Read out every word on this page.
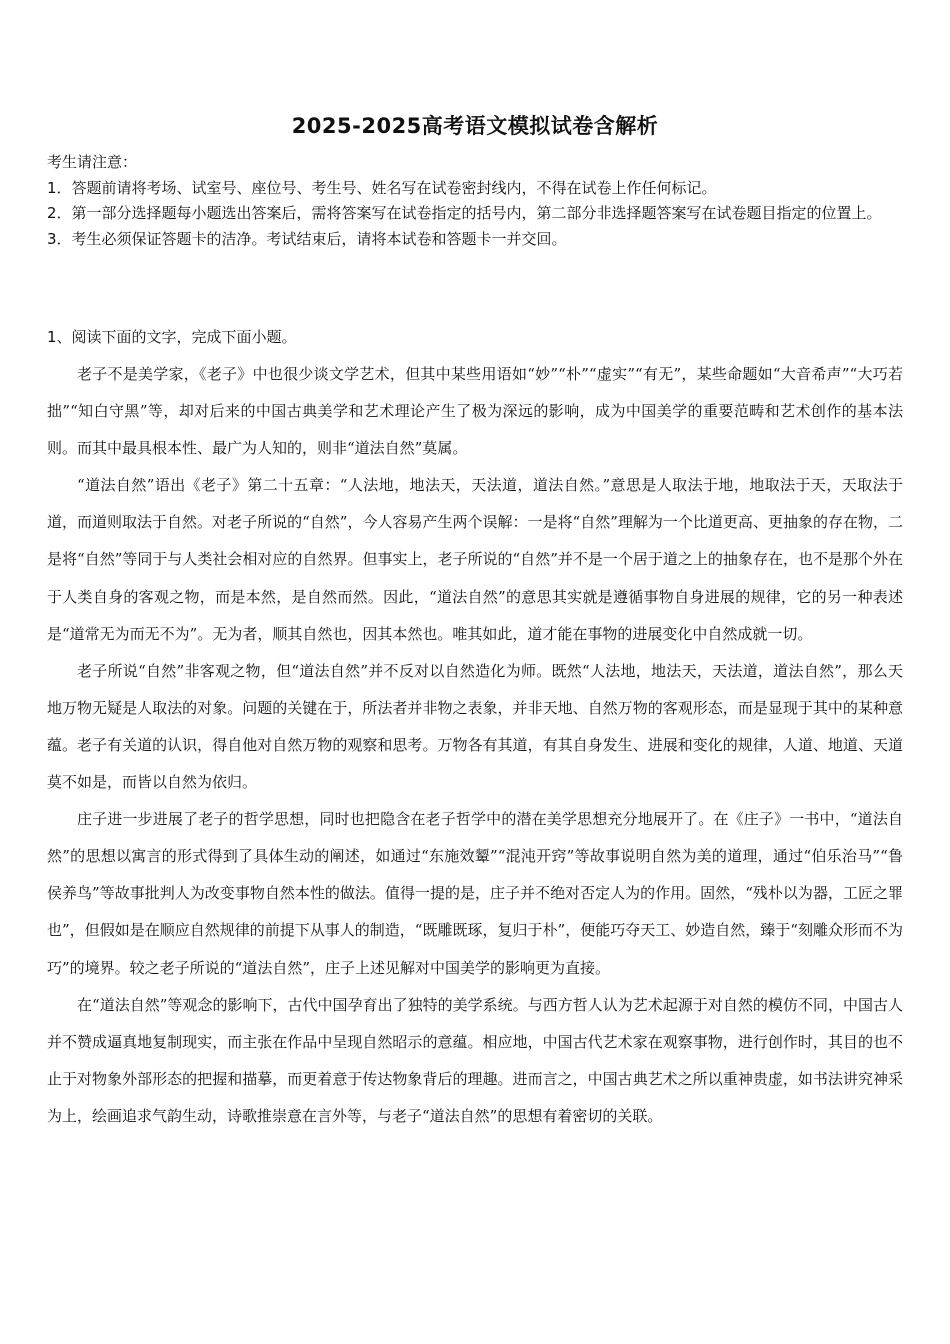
2025-2025高考语文模拟试卷含解析

考生请注意：

1．答题前请将考场、试室号、座位号、考生号、姓名写在试卷密封线内，不得在试卷上作任何标记。

2．第一部分选择题每小题选出答案后，需将答案写在试卷指定的括号内，第二部分非选择题答案写在试卷题目指定的位置上。

3．考生必须保证答题卡的洁净。考试结束后，请将本试卷和答题卡一并交回。

1、阅读下面的文字，完成下面小题。

老子不是美学家，《老子》中也很少谈文学艺术，但其中某些用语如“妙”“朴”“虚实”“有无”，某些命题如“大音希声”“大巧若拙”“知白守黑”等，却对后来的中国古典美学和艺术理论产生了极为深远的影响，成为中国美学的重要范畴和艺术创作的基本法则。而其中最具根本性、最广为人知的，则非“道法自然”莫属。

“道法自然”语出《老子》第二十五章：“人法地，地法天，天法道，道法自然。”意思是人取法于地，地取法于天，天取法于道，而道则取法于自然。对老子所说的“自然”，今人容易产生两个误解：一是将“自然”理解为一个比道更高、更抽象的存在物，二是将“自然”等同于与人类社会相对应的自然界。但事实上，老子所说的“自然”并不是一个居于道之上的抽象存在，也不是那个外在于人类自身的客观之物，而是本然，是自然而然。因此，“道法自然”的意思其实就是遵循事物自身进展的规律，它的另一种表述是“道常无为而无不为”。无为者，顺其自然也，因其本然也。唯其如此，道才能在事物的进展变化中自然成就一切。

老子所说“自然”非客观之物，但“道法自然”并不反对以自然造化为师。既然“人法地，地法天，天法道，道法自然”，那么天地万物无疑是人取法的对象。问题的关键在于，所法者并非物之表象，并非天地、自然万物的客观形态，而是显现于其中的某种意蕴。老子有关道的认识，得自他对自然万物的观察和思考。万物各有其道，有其自身发生、进展和变化的规律，人道、地道、天道莫不如是，而皆以自然为依归。

庄子进一步进展了老子的哲学思想，同时也把隐含在老子哲学中的潜在美学思想充分地展开了。在《庄子》一书中，“道法自然”的思想以寓言的形式得到了具体生动的阐述，如通过“东施效颦”“混沌开窍”等故事说明自然为美的道理，通过“伯乐治马”“鲁侯养鸟”等故事批判人为改变事物自然本性的做法。值得一提的是，庄子并不绝对否定人为的作用。固然，“残朴以为器，工匠之罪也”，但假如是在顺应自然规律的前提下从事人的制造，“既雕既琢，复归于朴”，便能巧夺天工、妙造自然，臻于“刻雕众形而不为巧”的境界。较之老子所说的“道法自然”，庄子上述见解对中国美学的影响更为直接。

在“道法自然”等观念的影响下，古代中国孕育出了独特的美学系统。与西方哲人认为艺术起源于对自然的模仿不同，中国古人并不赞成逼真地复制现实，而主张在作品中呈现自然昭示的意蕴。相应地，中国古代艺术家在观察事物，进行创作时，其目的也不止于对物象外部形态的把握和描摹，而更着意于传达物象背后的理趣。进而言之，中国古典艺术之所以重神贵虚，如书法讲究神采为上，绘画追求气韵生动，诗歌推崇意在言外等，与老子“道法自然”的思想有着密切的关联。
